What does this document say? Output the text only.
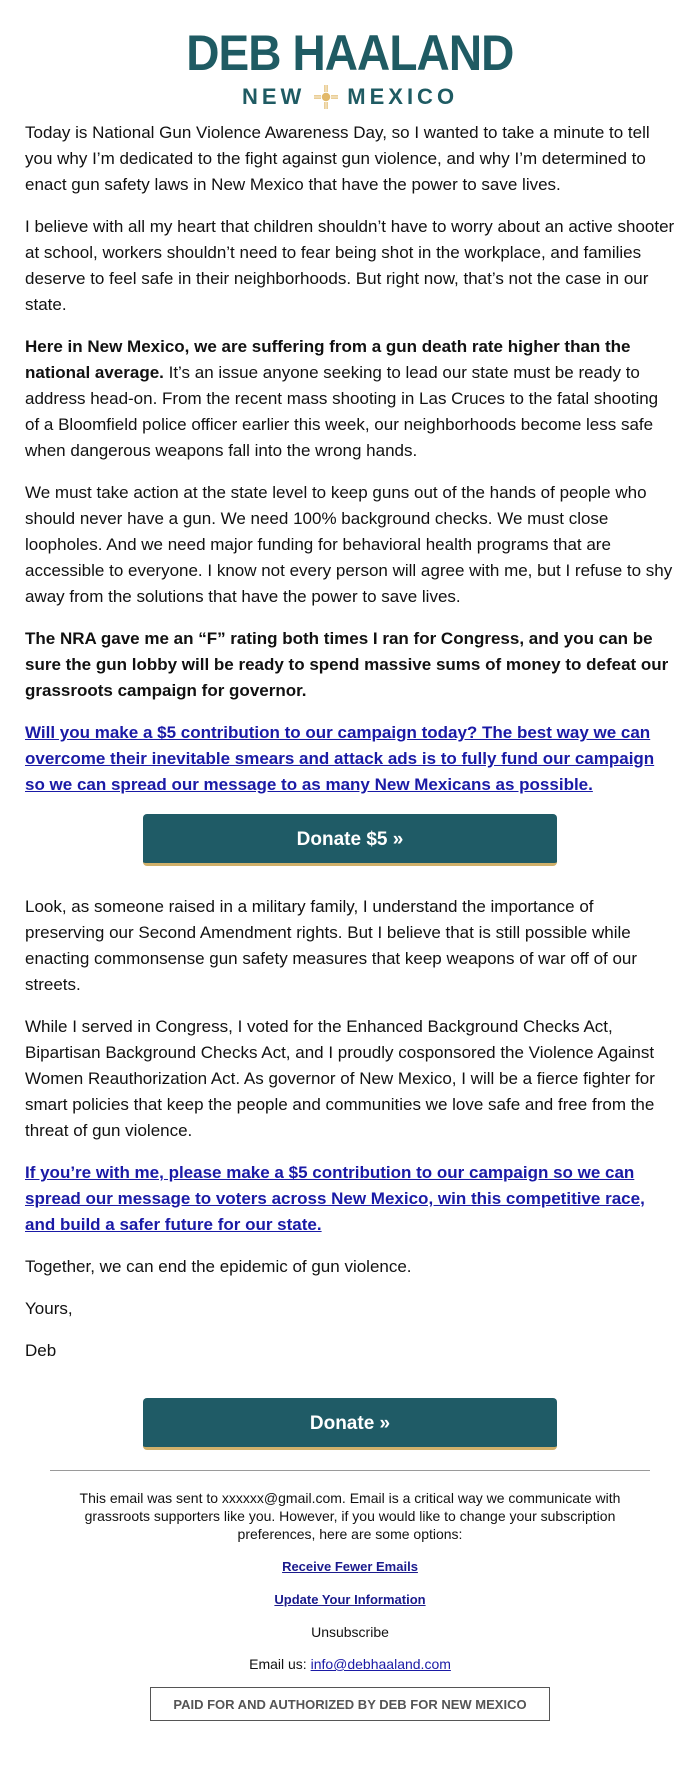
DEB HAALAND
NEW MEXICO

Today is National Gun Violence Awareness Day, so I wanted to take a minute to tell you why I’m dedicated to the fight against gun violence, and why I’m determined to enact gun safety laws in New Mexico that have the power to save lives.

I believe with all my heart that children shouldn’t have to worry about an active shooter at school, workers shouldn’t need to fear being shot in the workplace, and families deserve to feel safe in their neighborhoods. But right now, that’s not the case in our state.

Here in New Mexico, we are suffering from a gun death rate higher than the national average. It’s an issue anyone seeking to lead our state must be ready to address head-on. From the recent mass shooting in Las Cruces to the fatal shooting of a Bloomfield police officer earlier this week, our neighborhoods become less safe when dangerous weapons fall into the wrong hands.

We must take action at the state level to keep guns out of the hands of people who should never have a gun. We need 100% background checks. We must close loopholes. And we need major funding for behavioral health programs that are accessible to everyone. I know not every person will agree with me, but I refuse to shy away from the solutions that have the power to save lives.

The NRA gave me an “F” rating both times I ran for Congress, and you can be sure the gun lobby will be ready to spend massive sums of money to defeat our grassroots campaign for governor.

Will you make a $5 contribution to our campaign today? The best way we can overcome their inevitable smears and attack ads is to fully fund our campaign so we can spread our message to as many New Mexicans as possible.

Donate $5 »

Look, as someone raised in a military family, I understand the importance of preserving our Second Amendment rights. But I believe that is still possible while enacting commonsense gun safety measures that keep weapons of war off of our streets.

While I served in Congress, I voted for the Enhanced Background Checks Act, Bipartisan Background Checks Act, and I proudly cosponsored the Violence Against Women Reauthorization Act. As governor of New Mexico, I will be a fierce fighter for smart policies that keep the people and communities we love safe and free from the threat of gun violence.

If you’re with me, please make a $5 contribution to our campaign so we can spread our message to voters across New Mexico, win this competitive race, and build a safer future for our state.

Together, we can end the epidemic of gun violence.

Yours,

Deb

Donate »

This email was sent to xxxxxx@gmail.com. Email is a critical way we communicate with grassroots supporters like you. However, if you would like to change your subscription preferences, here are some options:

Receive Fewer Emails

Update Your Information

Unsubscribe

Email us: info@debhaaland.com

PAID FOR AND AUTHORIZED BY DEB FOR NEW MEXICO
